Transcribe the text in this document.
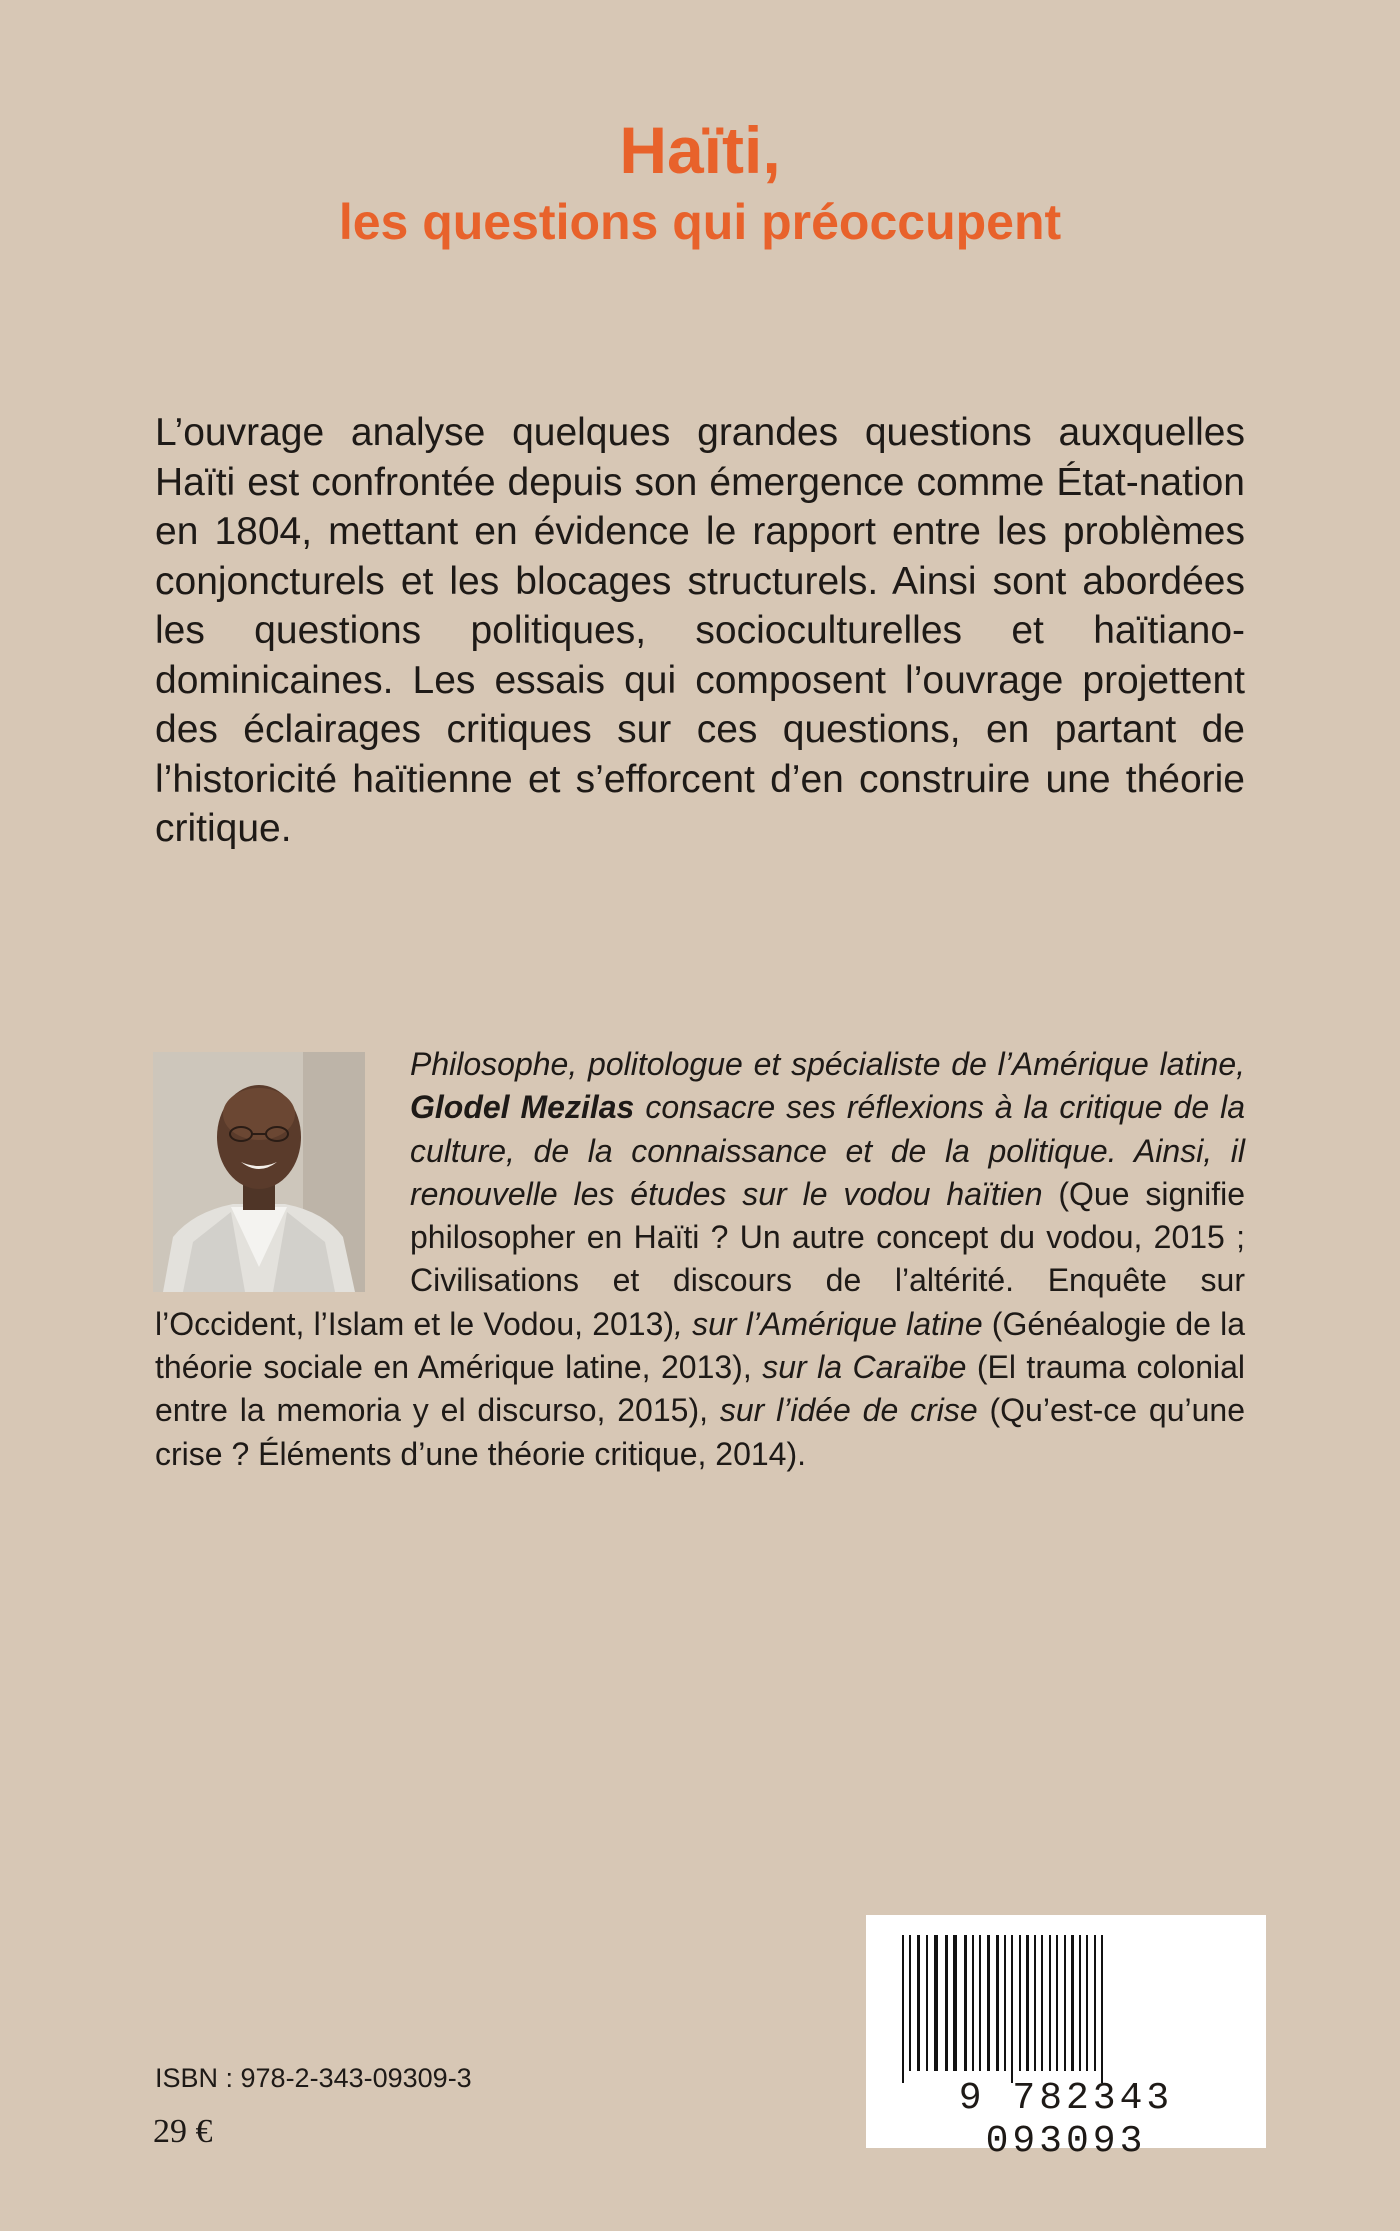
Haïti,
les questions qui préoccupent
L’ouvrage analyse quelques grandes questions auxquelles Haïti est confrontée depuis son émergence comme État-nation en 1804, mettant en évidence le rapport entre les problèmes conjoncturels et les blocages structurels. Ainsi sont abordées les questions politiques, socioculturelles et haïtiano-dominicaines. Les essais qui composent l’ouvrage projettent des éclairages critiques sur ces questions, en partant de l’historicité haïtienne et s’efforcent d’en construire une théorie critique.
Philosophe, politologue et spécialiste de l’Amérique latine, Glodel Mezilas consacre ses réflexions à la critique de la culture, de la connaissance et de la politique. Ainsi, il renouvelle les études sur le vodou haïtien (Que signifie philosopher en Haïti ? Un autre concept du vodou, 2015 ; Civilisations et discours de l’altérité. Enquête sur l’Occident, l’Islam et le Vodou, 2013), sur l’Amérique latine (Généalogie de la théorie sociale en Amérique latine, 2013), sur la Caraïbe (El trauma colonial entre la memoria y el discurso, 2015), sur l’idée de crise (Qu’est-ce qu’une crise ? Éléments d’une théorie critique, 2014).
ISBN : 978-2-343-09309-3
29 €
9 782343 093093
